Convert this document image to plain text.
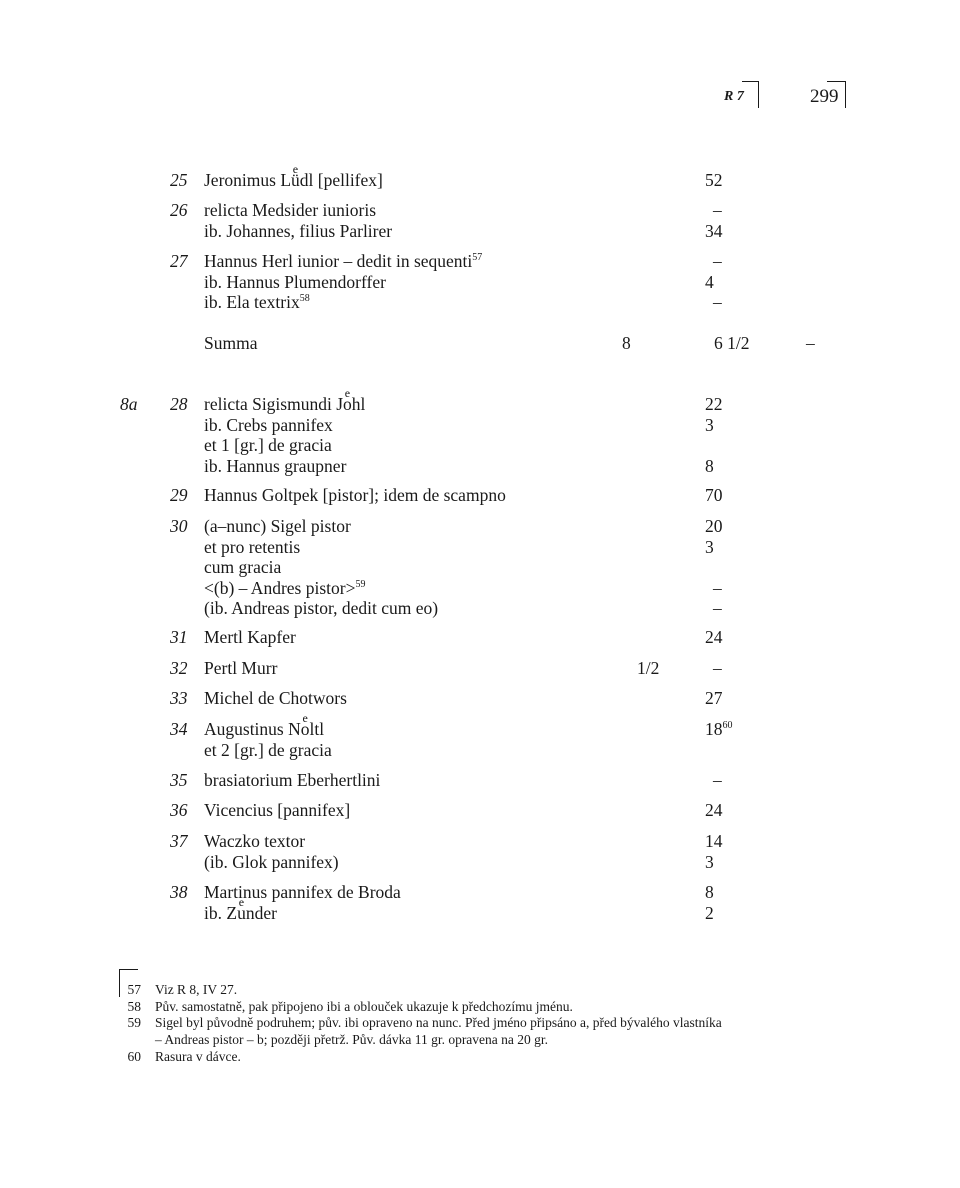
R 7	299
25 Jeronimus Le üdl [pellifex]	52
26 relicta Medsider iunioris	–
ib. Johannes, filius Parlirer	34
27 Hannus Herl iunior – dedit in sequenti$^{57}$	–
ib. Hannus Plumendorffer	4
ib. Ela textrix$^{58}$	–
Summa	8	6 1/2	–
8a 28 relicta Sigismundi Je ohl	22
ib. Crebs pannifex	3
et 1 [gr.] de gracia
ib. Hannus graupner	8
29 Hannus Goltpek [pistor]; idem de scampno	70
30 (a–nunc) Sigel pistor	20
et pro retentis	3
cum gracia
<(b) – Andres pistor>$^{59}$	–
(ib. Andreas pistor, dedit cum eo)	–
31 Mertl Kapfer	24
32 Pertl Murr	1/2	–
33 Michel de Chotwors	27
34 Augustinus Ne oltl	$18^{60}$
et 2 [gr.] de gracia
35 brasiatorium Eberhertlini	–
36 Vicencius [pannifex]	24
37 Waczko textor	14
(ib. Glok pannifex)	3
38 Martinus pannifex de Broda	8
ib. Ze under	2
57 Viz R 8, IV 27.
58 Pův. samostatně, pak připojeno ibi a oblouček ukazuje k předchozímu jménu.
59 Sigel byl původně podruhem; pův. ibi opraveno na nunc. Před jméno připsáno a, před bývalého vlastníka
– Andreas pistor – b; později přetrž. Pův. dávka 11 gr. opravena na 20 gr.
60 Rasura v dávce.
